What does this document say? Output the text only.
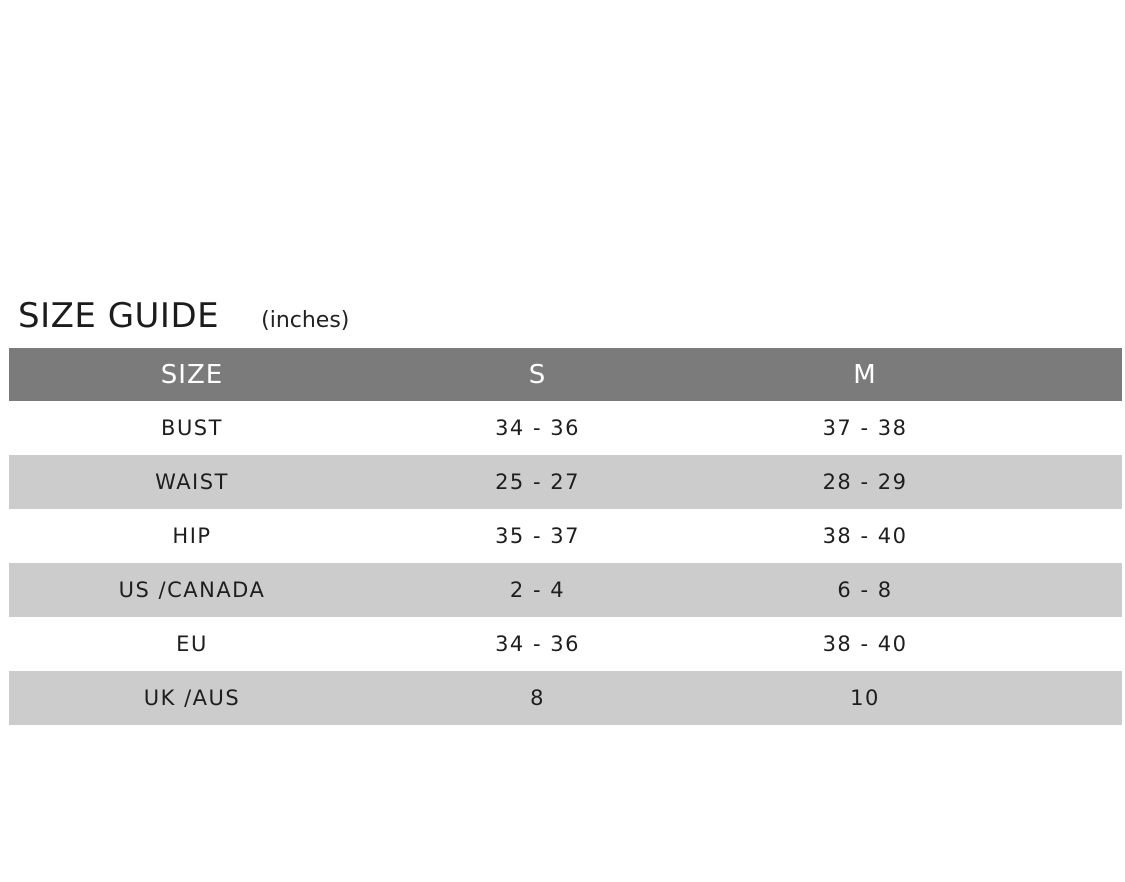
SIZE GUIDE (inches)
SIZE	S	M
BUST	34 - 36	37 - 38
WAIST	25 - 27	28 - 29
HIP	35 - 37	38 - 40
US /CANADA	2 - 4	6 - 8
EU	34 - 36	38 - 40
UK /AUS	8	10
